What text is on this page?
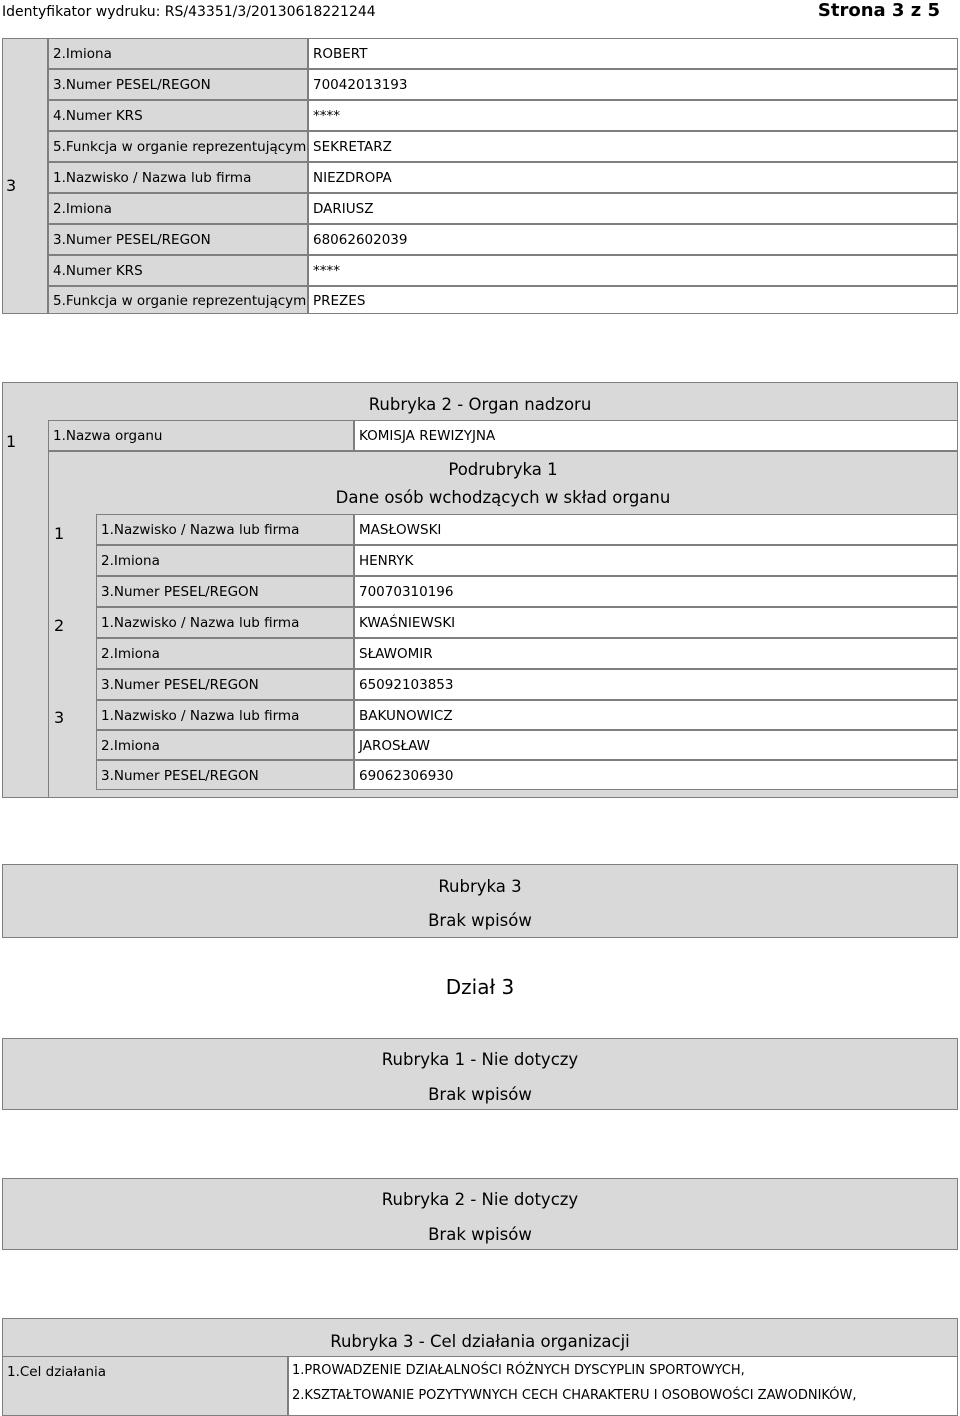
Identyfikator wydruku: RS/43351/3/20130618221244	Strona 3 z 5
3
2.Imiona	ROBERT
3.Numer PESEL/REGON	70042013193
4.Numer KRS	****
5.Funkcja w organie reprezentującym SEKRETARZ
1.Nazwisko / Nazwa lub firma	NIEZDROPA
2.Imiona	DARIUSZ
3.Numer PESEL/REGON	68062602039
4.Numer KRS	****
5.Funkcja w organie reprezentującym PREZES
Rubryka 2 - Organ nadzoru
1	1.Nazwa organu	KOMISJA REWIZYJNA
Podrubryka 1
Dane osób wchodzących w skład organu
1	1.Nazwisko / Nazwa lub firma	MASŁOWSKI
2.Imiona	HENRYK
3.Numer PESEL/REGON	70070310196
2	1.Nazwisko / Nazwa lub firma	KWAŚNIEWSKI
2.Imiona	SŁAWOMIR
3.Numer PESEL/REGON	65092103853
3	1.Nazwisko / Nazwa lub firma	BAKUNOWICZ
2.Imiona	JAROSŁAW
3.Numer PESEL/REGON	69062306930
Rubryka 3
Brak wpisów
Dział 3
Rubryka 1 - Nie dotyczy
Brak wpisów
Rubryka 2 - Nie dotyczy
Brak wpisów
Rubryka 3 - Cel działania organizacji
1.Cel działania	1.PROWADZENIE DZIAŁALNOŚCI RÓŻNYCH DYSCYPLIN SPORTOWYCH,
2.KSZTAŁTOWANIE POZYTYWNYCH CECH CHARAKTERU I OSOBOWOŚCI ZAWODNIKÓW,
